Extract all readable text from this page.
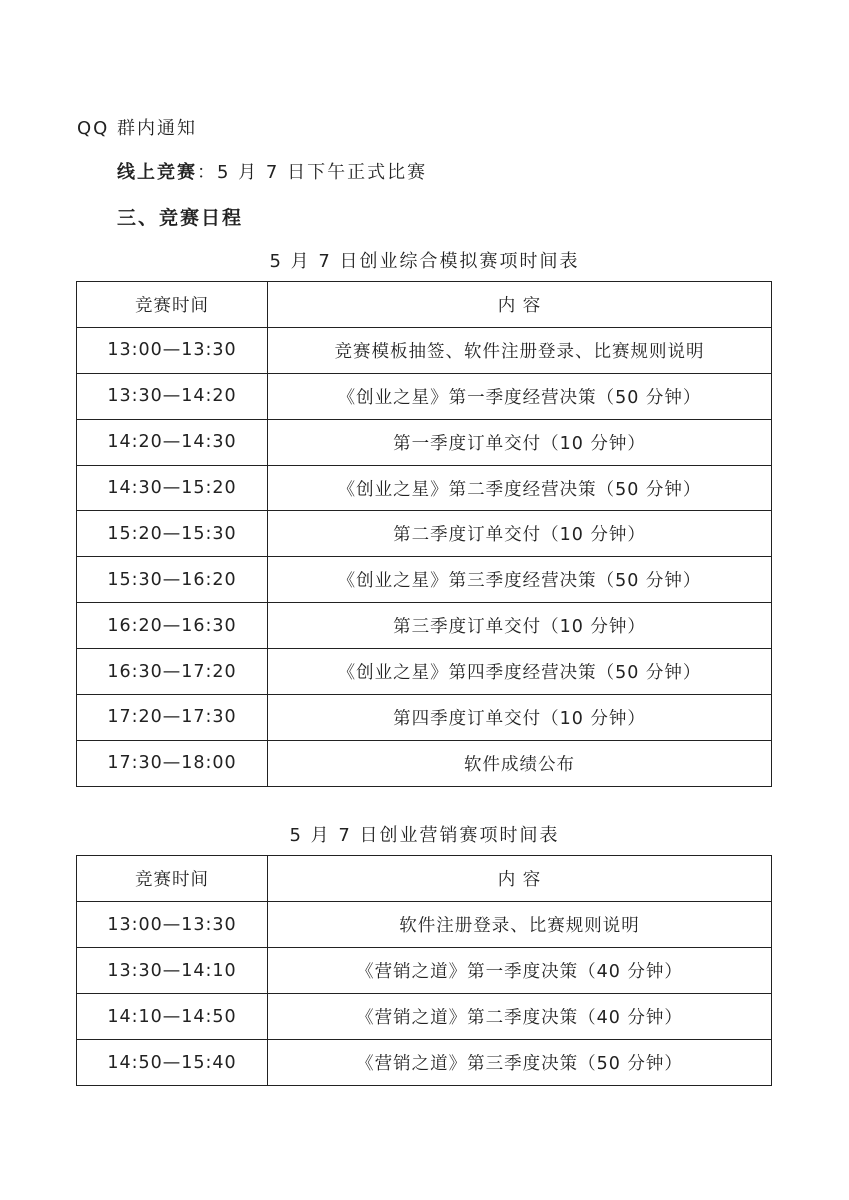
QQ 群内通知
线上竞赛：5 月 7 日下午正式比赛
三、竞赛日程
5 月 7 日创业综合模拟赛项时间表
竞赛时间	内 容
13:00—13:30	竞赛模板抽签、软件注册登录、比赛规则说明
13:30—14:20	《创业之星》第一季度经营决策（50 分钟）
14:20—14:30	第一季度订单交付（10 分钟）
14:30—15:20	《创业之星》第二季度经营决策（50 分钟）
15:20—15:30	第二季度订单交付（10 分钟）
15:30—16:20	《创业之星》第三季度经营决策（50 分钟）
16:20—16:30	第三季度订单交付（10 分钟）
16:30—17:20	《创业之星》第四季度经营决策（50 分钟）
17:20—17:30	第四季度订单交付（10 分钟）
17:30—18:00	软件成绩公布
5 月 7 日创业营销赛项时间表
竞赛时间	内 容
13:00—13:30	软件注册登录、比赛规则说明
13:30—14:10	《营销之道》第一季度决策（40 分钟）
14:10—14:50	《营销之道》第二季度决策（40 分钟）
14:50—15:40	《营销之道》第三季度决策（50 分钟）
